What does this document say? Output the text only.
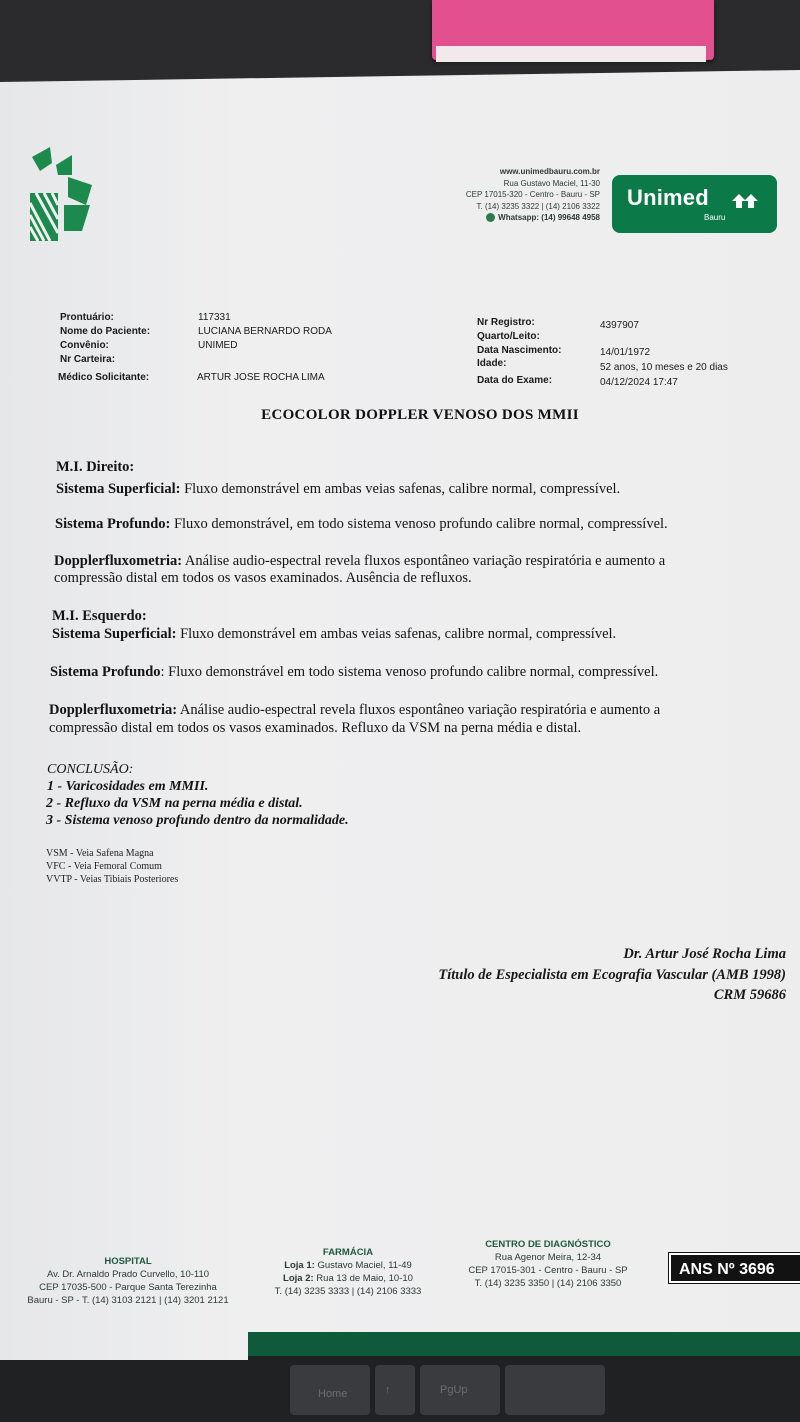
Home	↑	PgUp
www.unimedbauru.com.br
Rua Gustavo Maciel, 11-30
CEP 17015-320 - Centro - Bauru - SP
T. (14) 3235 3322 | (14) 2106 3322
Whatsapp: (14) 99648 4958
Unimed
Bauru
Prontuário:	117331
Nome do Paciente:	LUCIANA BERNARDO RODA
Convênio:	UNIMED
Nr Carteira:
Médico Solicitante:	ARTUR JOSE ROCHA LIMA
Nr Registro:	4397907
Quarto/Leito:
Data Nascimento:	14/01/1972
Idade:	52 anos, 10 meses e 20 dias
Data do Exame:	04/12/2024 17:47
ECOCOLOR DOPPLER VENOSO DOS MMII
M.I. Direito:
Sistema Superficial: Fluxo demonstrável em ambas veias safenas, calibre normal, compressível.
Sistema Profundo: Fluxo demonstrável, em todo sistema venoso profundo calibre normal, compressível.
Dopplerfluxometria: Análise audio-espectral revela fluxos espontâneo variação respiratória e aumento a
compressão distal em todos os vasos examinados. Ausência de refluxos.
M.I. Esquerdo:
Sistema Superficial: Fluxo demonstrável em ambas veias safenas, calibre normal, compressível.
Sistema Profundo: Fluxo demonstrável em todo sistema venoso profundo calibre normal, compressível.
Dopplerfluxometria: Análise audio-espectral revela fluxos espontâneo variação respiratória e aumento a
compressão distal em todos os vasos examinados. Refluxo da VSM na perna média e distal.
CONCLUSÃO:
1 - Varicosidades em MMII.
2 - Refluxo da VSM na perna média e distal.
3 - Sistema venoso profundo dentro da normalidade.
VSM - Veia Safena Magna
VFC - Veia Femoral Comum
VVTP - Veias Tibiais Posteriores
Dr. Artur José Rocha Lima
Título de Especialista em Ecografia Vascular (AMB 1998)
CRM 59686
HOSPITAL
Av. Dr. Arnaldo Prado Curvello, 10-110
CEP 17035-500 - Parque Santa Terezinha
Bauru - SP - T. (14) 3103 2121 | (14) 3201 2121
FARMÁCIA
Loja 1: Gustavo Maciel, 11-49
Loja 2: Rua 13 de Maio, 10-10
T. (14) 3235 3333 | (14) 2106 3333
CENTRO DE DIAGNÓSTICO
Rua Agenor Meira, 12-34
CEP 17015-301 - Centro - Bauru - SP
T. (14) 3235 3350 | (14) 2106 3350
ANS Nº 3696
